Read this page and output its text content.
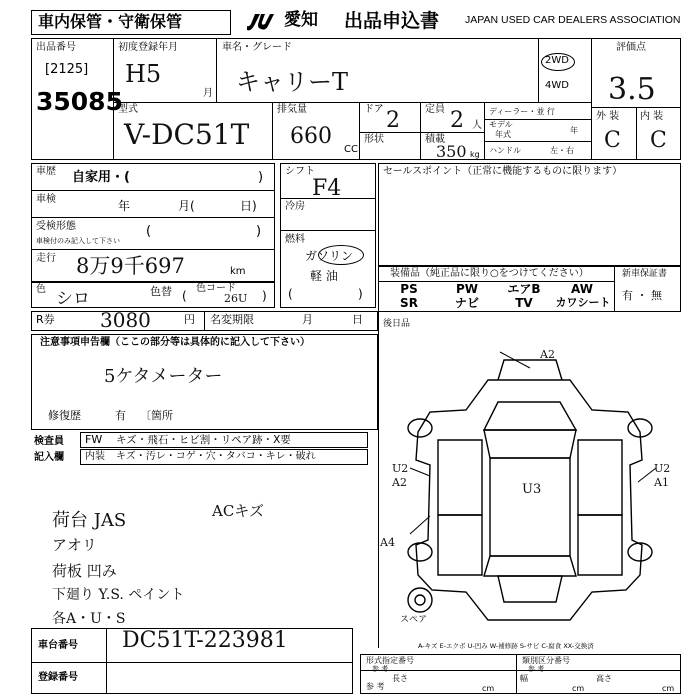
車内保管・守衛保管	愛知 出品申込書 JAPAN USED CAR DEALERS ASSOCIATION
出品番号
[2125]
35085
初度登録年月
H5
月
車名・グレード
キャリーT
2WD
4WD
評価点
3.5
外 装 内 装
C C
型式
V-DC51T
排気量
660
CC
ドア 2	定員 2 人
形状	積載
350 kg
ディーラー・並 行
モデル
年式	年
ハンドル	左・右
車歴 自家用・(	)
車検	年	月(	日)
受検形態
車検付のみ記入して下さい
(	)
走行 8万9千697	km
色 シロ	色替 (
色コード
26U )
シフト
F4
冷房
燃料
ガソリン
軽 油
(	)
セールスポイント（正常に機能するものに限ります）
装備品（純正品に限り○をつけてください）	新車保証書
有 ・ 無
PS	PW	エアB	AW
SR	ナビ	TV	カワシート
R券 3080	円 名変期限	月	日 後日品
注意事項申告欄（ここの部分等は具体的に記入して下さい）
5ケタメーター
修復歴	有 〔箇所
検査員
記入欄
FW キズ・飛石・ヒビ割・リペア跡・X要
内装 キズ・汚レ・コゲ・穴・タバコ・キレ・破れ
荷台 JAS	ACキズ
アオリ
荷板 凹み
下廻り Y.S. ペイント
各A・U・S
A2
U3
U2
A2
U2
A1
A4
スペア
A-キズ E-エクボ U-凹み W-補修跡 S-サビ C-腐食 XX-交換済
車台番号 DC51T-223981
登録番号
形式指定番号
参 考
類別区分番号
参 考
参 考
長さ
cm
幅
cm
高さ
cm
